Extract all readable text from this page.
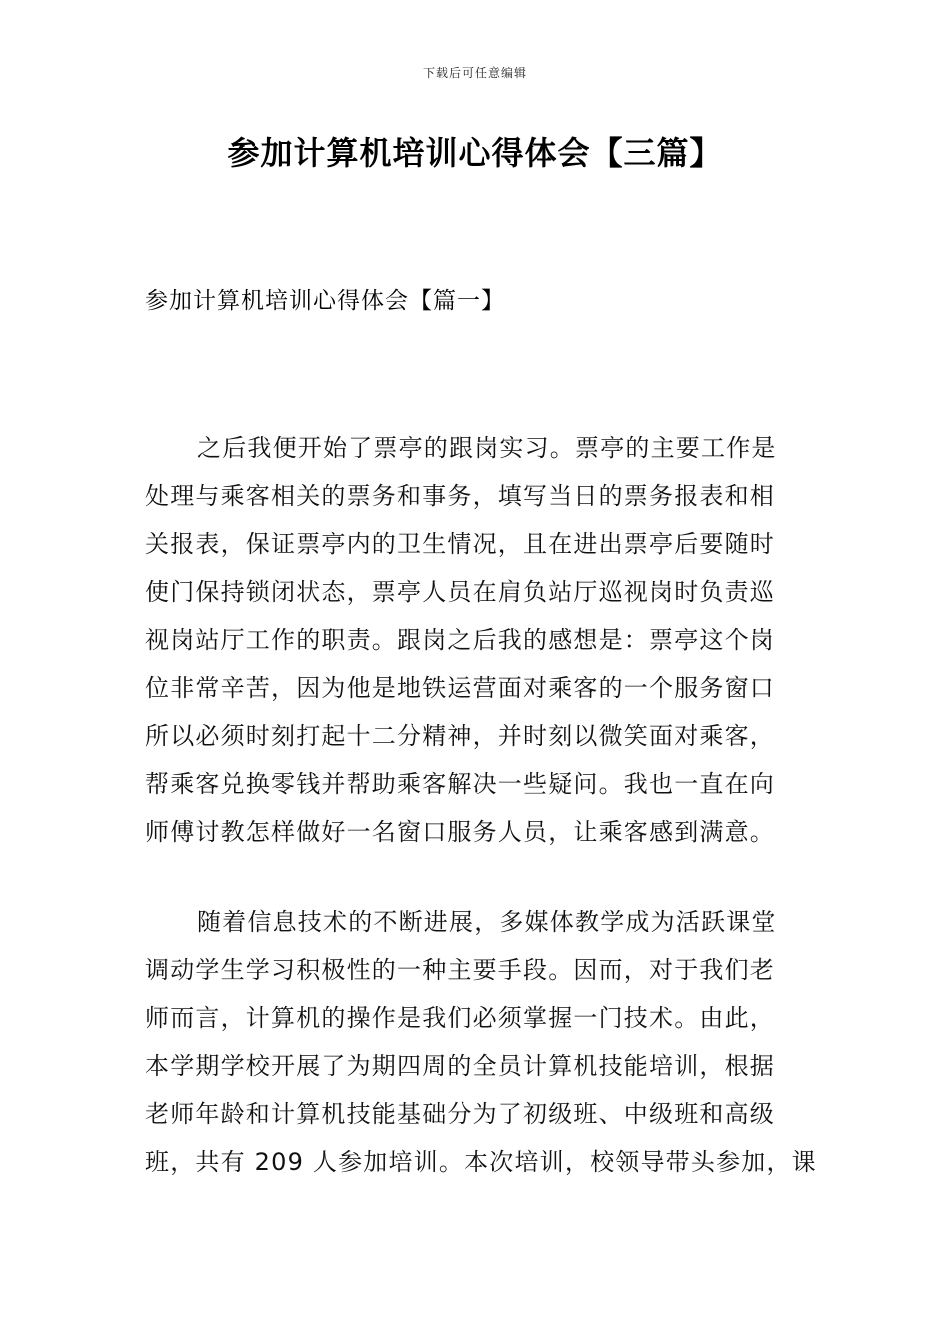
下载后可任意编辑
参加计算机培训心得体会【三篇】
参加计算机培训心得体会【篇一】
之后我便开始了票亭的跟岗实习。票亭的主要工作是
处理与乘客相关的票务和事务，填写当日的票务报表和相
关报表，保证票亭内的卫生情况，且在进出票亭后要随时
使门保持锁闭状态，票亭人员在肩负站厅巡视岗时负责巡
视岗站厅工作的职责。跟岗之后我的感想是：票亭这个岗
位非常辛苦，因为他是地铁运营面对乘客的一个服务窗口
所以必须时刻打起十二分精神，并时刻以微笑面对乘客，
帮乘客兑换零钱并帮助乘客解决一些疑问。我也一直在向
师傅讨教怎样做好一名窗口服务人员，让乘客感到满意。
随着信息技术的不断进展，多媒体教学成为活跃课堂
调动学生学习积极性的一种主要手段。因而，对于我们老
师而言，计算机的操作是我们必须掌握一门技术。由此，
本学期学校开展了为期四周的全员计算机技能培训，根据
老师年龄和计算机技能基础分为了初级班、中级班和高级
班，共有 209 人参加培训。本次培训，校领导带头参加，课
